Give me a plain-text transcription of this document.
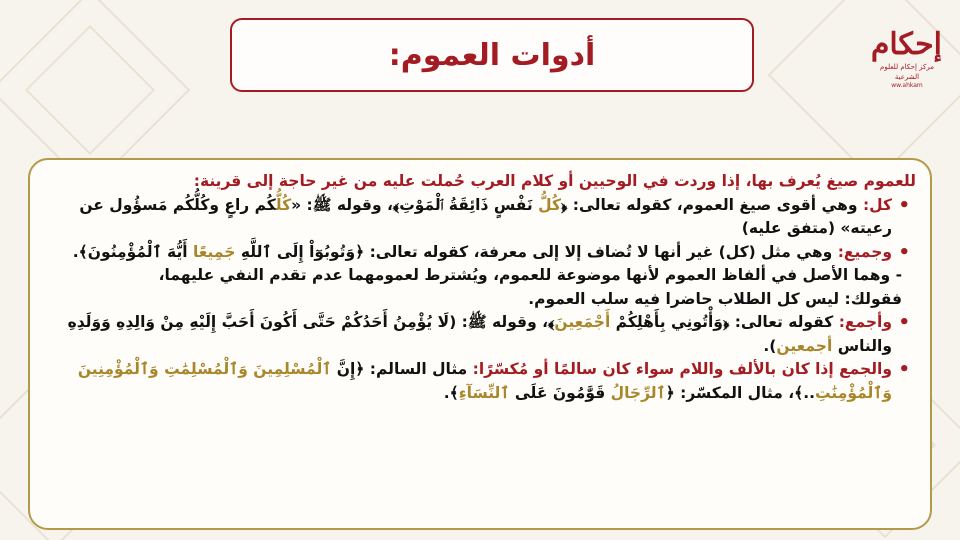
أدوات العموم:	إحكام
مركز إحكام للعلوم الشرعية
ww.ahkam
للعموم صيغ يُعرف بها، إذا وردت في الوحيين أو كلام العرب حُملت عليه من غير حاجة إلى قرينة:
•
كل: وهي أقوى صيغ العموم، كقوله تعالى: ﴿كُلُّ نَفْسٍ ذَائِقَةُ ٱلْمَوْتِ﴾، وقوله ﷺ: «كُلُّكُم راعٍ وكُلُّكُم مَسؤُول عن رعيته» (متفق عليه)
•
وجميع: وهي مثل (كل) غير أنها لا تُضاف إلا إلى معرفة، كقوله تعالى: ﴿وَتُوبُوٓاْ إِلَى ٱللَّهِ جَمِيعًا أَيُّهَ ٱلْمُؤْمِنُونَ﴾.
- وهما الأصل في ألفاظ العموم لأنها موضوعة للعموم، ويُشترط لعمومهما عدم تقدم النفي عليهما،
فقولك: ليس كل الطلاب حاضرا فيه سلب العموم.
•
وأجمع: كقوله تعالى: ﴿وَأْتُونِي بِأَهْلِكُمْ أَجْمَعِينَ﴾، وقوله ﷺ: (لَا يُؤْمِنُ أَحَدُكُمْ حَتَّى أَكُونَ أَحَبَّ إِلَيْهِ مِنْ وَالِدِهِ وَوَلَدِهِ والناس أجمعين).
•
والجمع إذا كان بالألف واللام سواء كان سالمًا أو مُكسّرًا: مثال السالم: ﴿إِنَّ ٱلْمُسْلِمِينَ وَٱلْمُسْلِمَٰتِ وَٱلْمُؤْمِنِينَ وَٱلْمُؤْمِنَٰتِ..﴾، مثال المكسّر: ﴿ٱلرِّجَالُ قَوَّٰمُونَ عَلَى ٱلنِّسَآءِ﴾.
